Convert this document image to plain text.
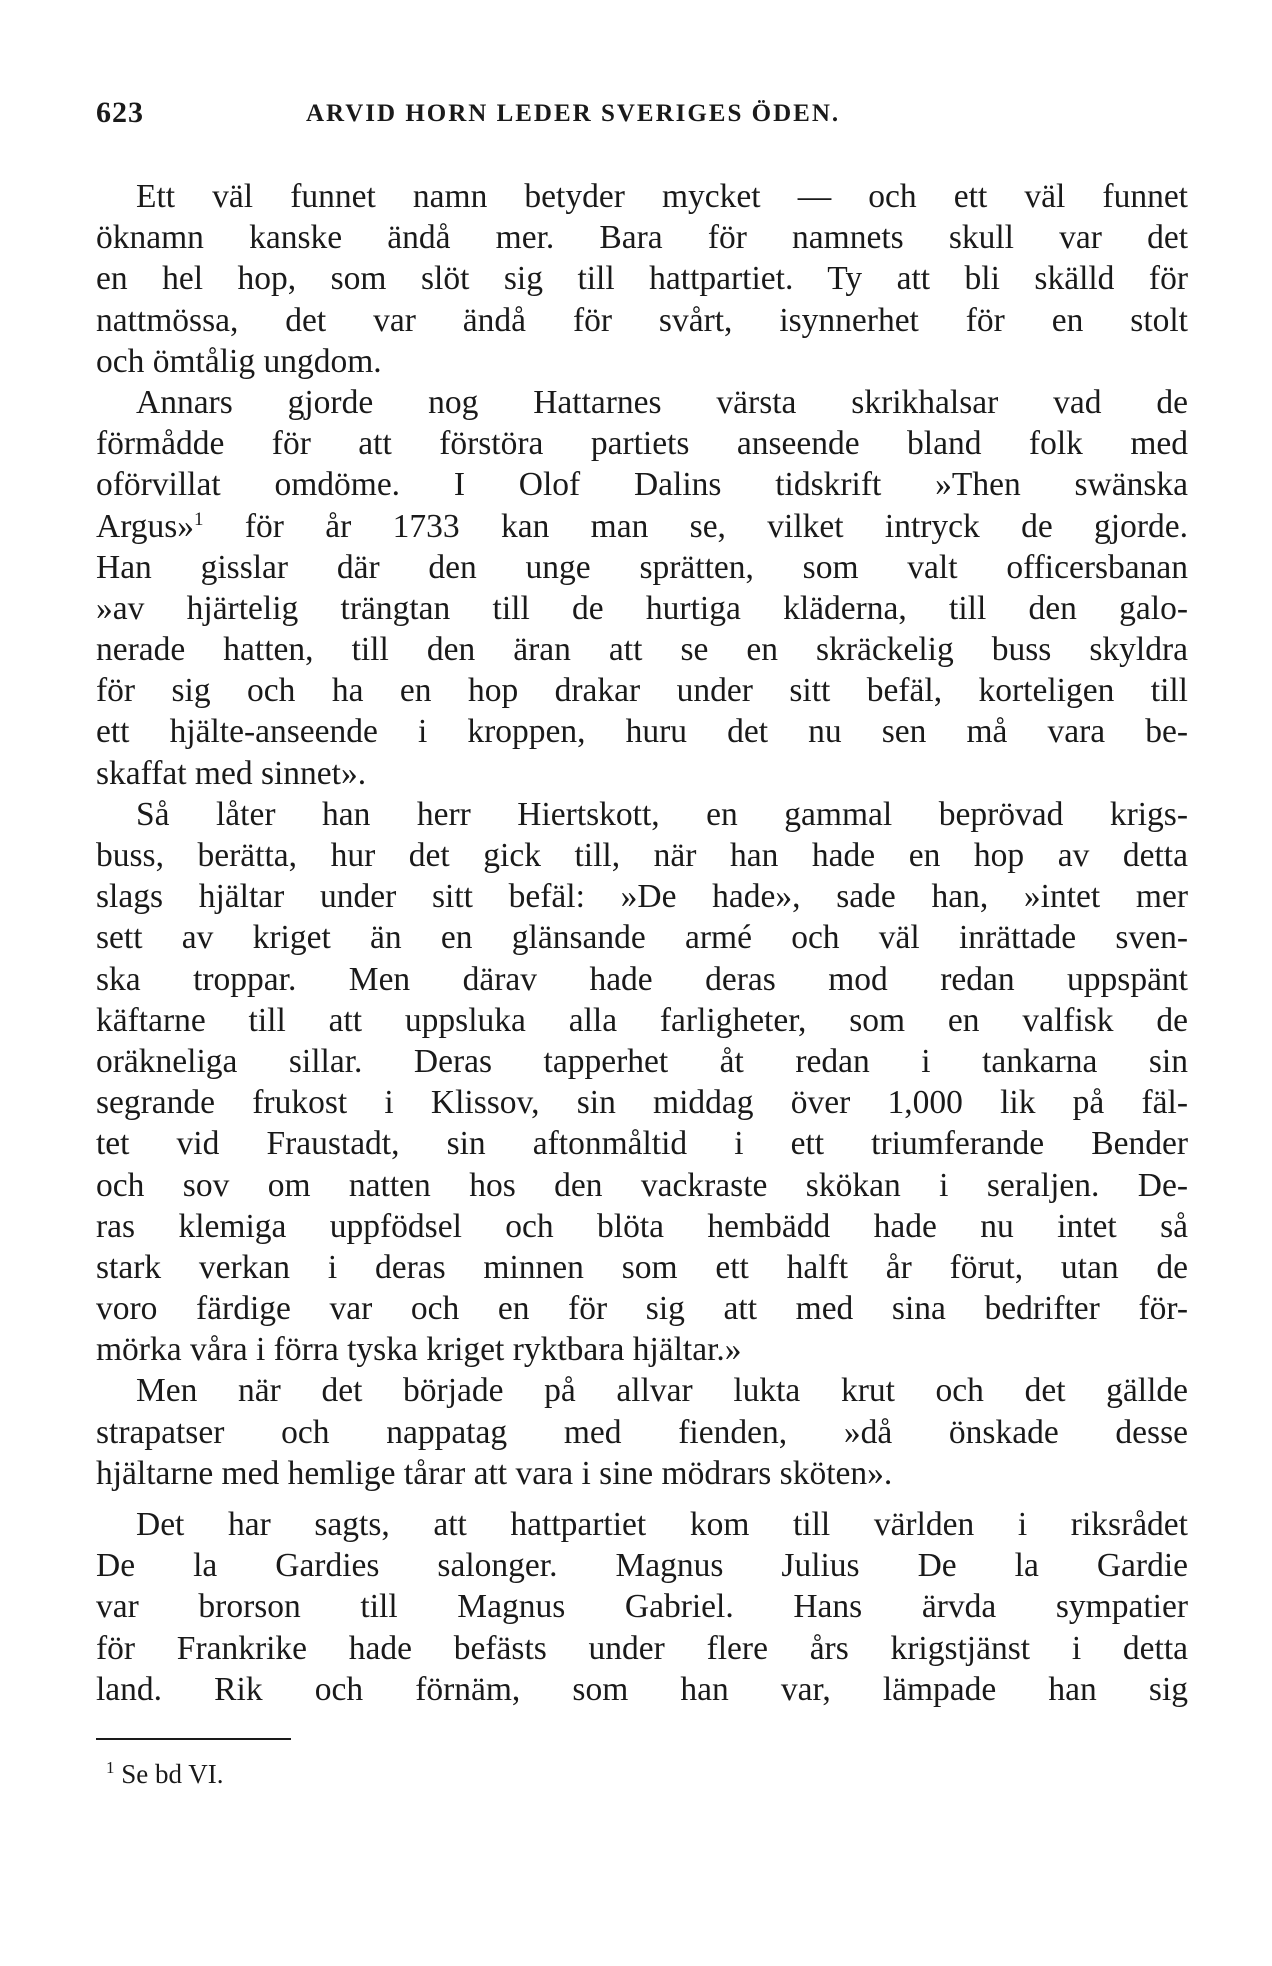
623	ARVID HORN LEDER SVERIGES ÖDEN.
Ett väl funnet namn betyder mycket — och ett väl funnet
öknamn kanske ändå mer. Bara för namnets skull var det
en hel hop, som slöt sig till hattpartiet. Ty att bli skälld för
nattmössa, det var ändå för svårt, isynnerhet för en stolt
och ömtålig ungdom.
Annars gjorde nog Hattarnes värsta skrikhalsar vad de
förmådde för att förstöra partiets anseende bland folk med
oförvillat omdöme. I Olof Dalins tidskrift »Then swänska
Argus»$^1$ för år 1733 kan man se, vilket intryck de gjorde.
Han gisslar där den unge sprätten, som valt officersbanan
»av hjärtelig trängtan till de hurtiga kläderna, till den galo-
nerade hatten, till den äran att se en skräckelig buss skyldra
för sig och ha en hop drakar under sitt befäl, korteligen till
ett hjälte-anseende i kroppen, huru det nu sen må vara be-
skaffat med sinnet».
Så låter han herr Hiertskott, en gammal beprövad krigs-
buss, berätta, hur det gick till, när han hade en hop av detta
slags hjältar under sitt befäl: »De hade», sade han, »intet mer
sett av kriget än en glänsande armé och väl inrättade sven-
ska troppar. Men därav hade deras mod redan uppspänt
käftarne till att uppsluka alla farligheter, som en valfisk de
oräkneliga sillar. Deras tapperhet åt redan i tankarna sin
segrande frukost i Klissov, sin middag över 1,000 lik på fäl-
tet vid Fraustadt, sin aftonmåltid i ett triumferande Bender
och sov om natten hos den vackraste skökan i seraljen. De-
ras klemiga uppfödsel och blöta hembädd hade nu intet så
stark verkan i deras minnen som ett halft år förut, utan de
voro färdige var och en för sig att med sina bedrifter för-
mörka våra i förra tyska kriget ryktbara hjältar.»
Men när det började på allvar lukta krut och det gällde
strapatser och nappatag med fienden, »då önskade desse
hjältarne med hemlige tårar att vara i sine mödrars sköten».
Det har sagts, att hattpartiet kom till världen i riksrådet
De la Gardies salonger. Magnus Julius De la Gardie
var brorson till Magnus Gabriel. Hans ärvda sympatier
för Frankrike hade befästs under flere års krigstjänst i detta
land. Rik och förnäm, som han var, lämpade han sig
$^1$ Se bd VI.
